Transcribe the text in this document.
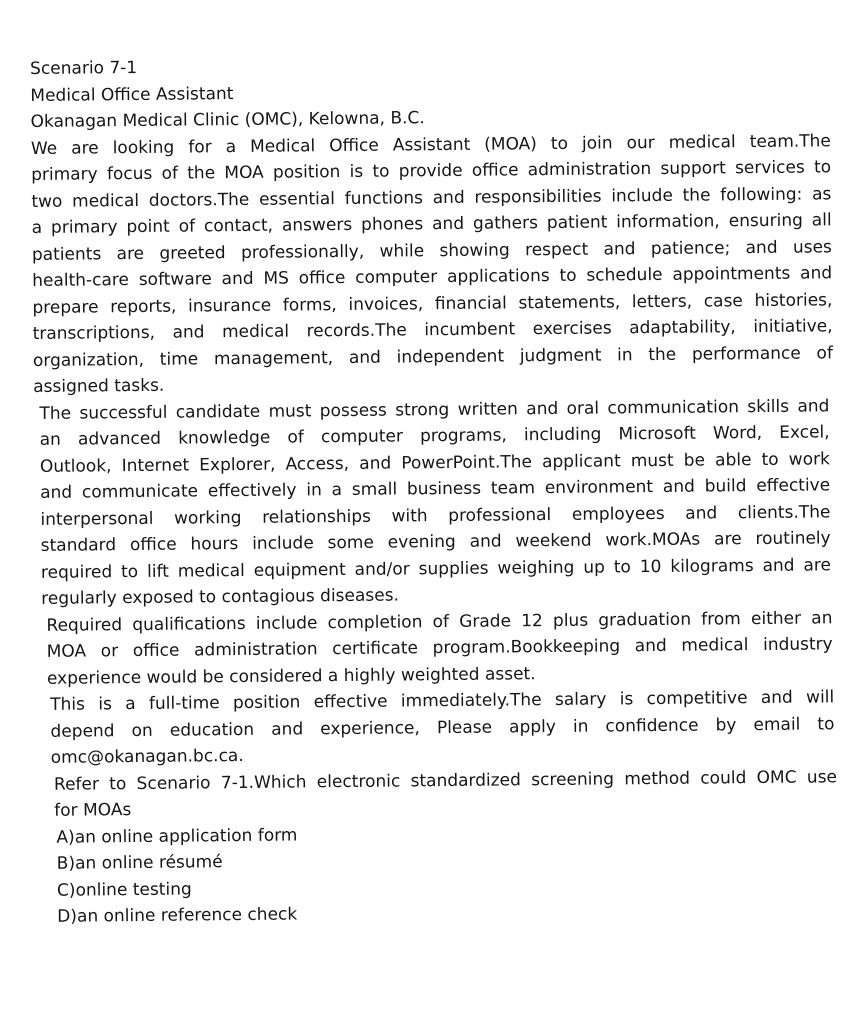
Scenario 7-1
Medical Office Assistant
Okanagan Medical Clinic (OMC), Kelowna, B.C.
We are looking for a Medical Office Assistant (MOA) to join our medical team.The
primary focus of the MOA position is to provide office administration support services to
two medical doctors.The essential functions and responsibilities include the following: as
a primary point of contact, answers phones and gathers patient information, ensuring all
patients are greeted professionally, while showing respect and patience; and uses
health-care software and MS office computer applications to schedule appointments and
prepare reports, insurance forms, invoices, financial statements, letters, case histories,
transcriptions, and medical records.The incumbent exercises adaptability, initiative,
organization, time management, and independent judgment in the performance of
assigned tasks.
The successful candidate must possess strong written and oral communication skills and
an advanced knowledge of computer programs, including Microsoft Word, Excel,
Outlook, Internet Explorer, Access, and PowerPoint.The applicant must be able to work
and communicate effectively in a small business team environment and build effective
interpersonal working relationships with professional employees and clients.The
standard office hours include some evening and weekend work.MOAs are routinely
required to lift medical equipment and/or supplies weighing up to 10 kilograms and are
regularly exposed to contagious diseases.
Required qualifications include completion of Grade 12 plus graduation from either an
MOA or office administration certificate program.Bookkeeping and medical industry
experience would be considered a highly weighted asset.
This is a full-time position effective immediately.The salary is competitive and will
depend on education and experience, Please apply in confidence by email to
omc@okanagan.bc.ca.
Refer to Scenario 7-1.Which electronic standardized screening method could OMC use
for MOAs
A)an online application form
B)an online résumé
C)online testing
D)an online reference check
